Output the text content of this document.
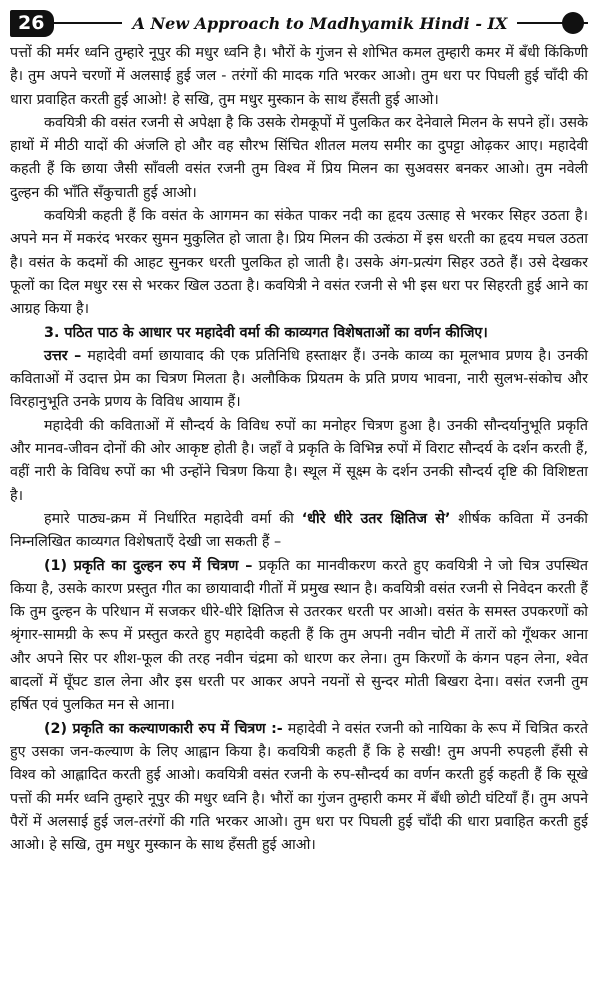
26	A New Approach to Madhyamik Hindi - IX

पत्तों की मर्मर ध्वनि तुम्हारे नूपुर की मधुर ध्वनि है। भौरों के गुंजन से शोभित कमल तुम्हारी कमर में बँधी किंकिणी है। तुम अपने चरणों में अलसाई हुई जल - तरंगों की मादक गति भरकर आओ। तुम धरा पर पिघली हुई चाँदी की धारा प्रवाहित करती हुई आओ! हे सखि, तुम मधुर मुस्कान के साथ हँसती हुई आओ।

कवयित्री की वसंत रजनी से अपेक्षा है कि उसके रोमकूपों में पुलकित कर देनेवाले मिलन के सपने हों। उसके हाथों में मीठी यादों की अंजलि हो और वह सौरभ सिंचित शीतल मलय समीर का दुपट्टा ओढ़कर आए। महादेवी कहती हैं कि छाया जैसी साँवली वसंत रजनी तुम विश्व में प्रिय मिलन का सुअवसर बनकर आओ। तुम नवेली दुल्हन की भाँति सँकुचाती हुई आओ।

कवयित्री कहती हैं कि वसंत के आगमन का संकेत पाकर नदी का हृदय उत्साह से भरकर सिहर उठता है। अपने मन में मकरंद भरकर सुमन मुकुलित हो जाता है। प्रिय मिलन की उत्कंठा में इस धरती का हृदय मचल उठता है। वसंत के कदमों की आहट सुनकर धरती पुलकित हो जाती है। उसके अंग-प्रत्यंग सिहर उठते हैं। उसे देखकर फूलों का दिल मधुर रस से भरकर खिल उठता है। कवयित्री ने वसंत रजनी से भी इस धरा पर सिहरती हुई आने का आग्रह किया है।

3. पठित पाठ के आधार पर महादेवी वर्मा की काव्यगत विशेषताओं का वर्णन कीजिए।

उत्तर – महादेवी वर्मा छायावाद की एक प्रतिनिधि हस्ताक्षर हैं। उनके काव्य का मूलभाव प्रणय है। उनकी कविताओं में उदात्त प्रेम का चित्रण मिलता है। अलौकिक प्रियतम के प्रति प्रणय भावना, नारी सुलभ-संकोच और विरहानुभूति उनके प्रणय के विविध आयाम हैं।

महादेवी की कविताओं में सौन्दर्य के विविध रुपों का मनोहर चित्रण हुआ है। उनकी सौन्दर्यानुभूति प्रकृति और मानव-जीवन दोनों की ओर आकृष्ट होती है। जहाँ वे प्रकृति के विभिन्न रुपों में विराट सौन्दर्य के दर्शन करती हैं, वहीं नारी के विविध रुपों का भी उन्होंने चित्रण किया है। स्थूल में सूक्ष्म के दर्शन उनकी सौन्दर्य दृष्टि की विशिष्टता है।

हमारे पाठ्य-क्रम में निर्धारित महादेवी वर्मा की ‘धीरे धीरे उतर क्षितिज से’ शीर्षक कविता में उनकी निम्नलिखित काव्यगत विशेषताएँ देखी जा सकती हैं –

(1) प्रकृति का दुल्हन रुप में चित्रण – प्रकृति का मानवीकरण करते हुए कवयित्री ने जो चित्र उपस्थित किया है, उसके कारण प्रस्तुत गीत का छायावादी गीतों में प्रमुख स्थान है। कवयित्री वसंत रजनी से निवेदन करती हैं कि तुम दुल्हन के परिधान में सजकर धीरे-धीरे क्षितिज से उतरकर धरती पर आओ। वसंत के समस्त उपकरणों को श्रृंगार-सामग्री के रूप में प्रस्तुत करते हुए महादेवी कहती हैं कि तुम अपनी नवीन चोटी में तारों को गूँथकर आना और अपने सिर पर शीश-फूल की तरह नवीन चंद्रमा को धारण कर लेना। तुम किरणों के कंगन पहन लेना, श्वेत बादलों में घूँघट डाल लेना और इस धरती पर आकर अपने नयनों से सुन्दर मोती बिखरा देना। वसंत रजनी तुम हर्षित एवं पुलकित मन से आना।

(2) प्रकृति का कल्याणकारी रुप में चित्रण :- महादेवी ने वसंत रजनी को नायिका के रूप में चित्रित करते हुए उसका जन-कल्याण के लिए आह्वान किया है। कवयित्री कहती हैं कि हे सखी! तुम अपनी रुपहली हँसी से विश्व को आह्लादित करती हुई आओ। कवयित्री वसंत रजनी के रुप-सौन्दर्य का वर्णन करती हुई कहती हैं कि सूखे पत्तों की मर्मर ध्वनि तुम्हारे नूपुर की मधुर ध्वनि है। भौरों का गुंजन तुम्हारी कमर में बँधी छोटी घंटियाँ हैं। तुम अपने पैरों में अलसाई हुई जल-तरंगों की गति भरकर आओ। तुम धरा पर पिघली हुई चाँदी की धारा प्रवाहित करती हुई आओ। हे सखि, तुम मधुर मुस्कान के साथ हँसती हुई आओ।
